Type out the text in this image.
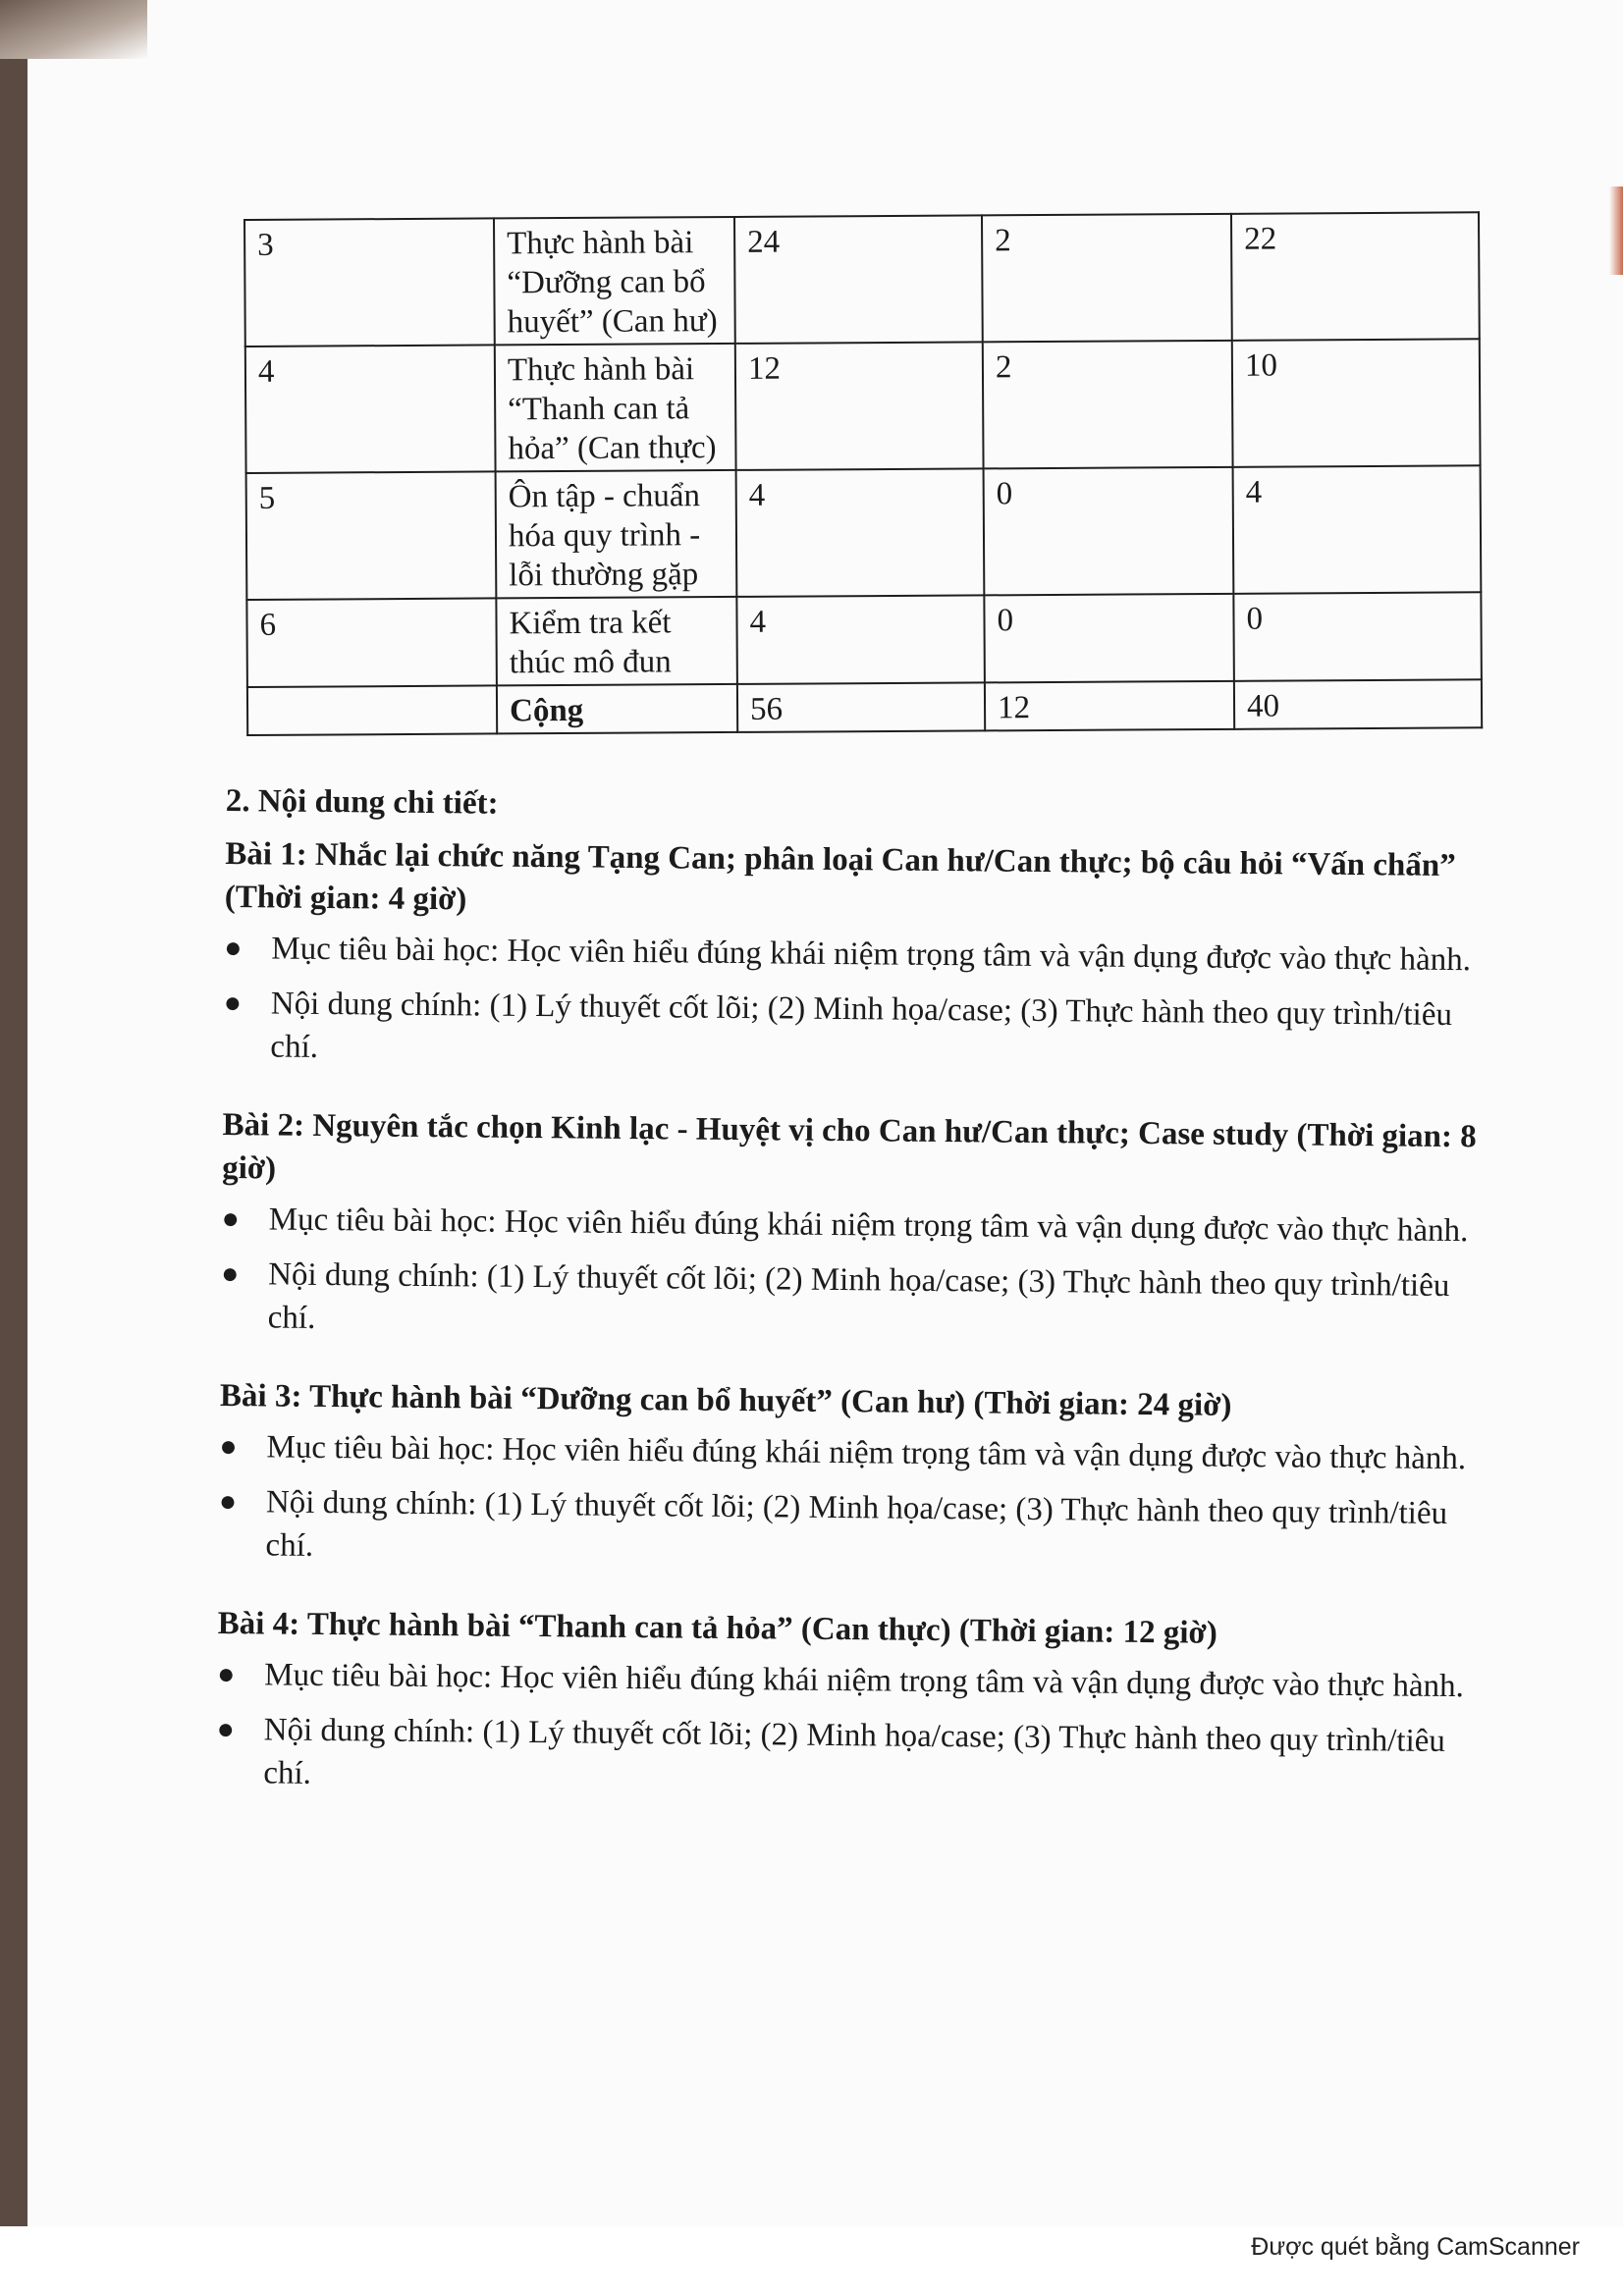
3	Thực hành bài “Dưỡng can bổ huyết” (Can hư)	24	2	22
4	Thực hành bài “Thanh can tả hỏa” (Can thực)	12	2	10
5	Ôn tập - chuẩn hóa quy trình - lỗi thường gặp	4	0	4
6	Kiểm tra kết thúc mô đun	4	0	0
	Cộng	56	12	40
2. Nội dung chi tiết:
Bài 1: Nhắc lại chức năng Tạng Can; phân loại Can hư/Can thực; bộ câu hỏi “Vấn chẩn” (Thời gian: 4 giờ)
● Mục tiêu bài học: Học viên hiểu đúng khái niệm trọng tâm và vận dụng được vào thực hành.
● Nội dung chính: (1) Lý thuyết cốt lõi; (2) Minh họa/case; (3) Thực hành theo quy trình/tiêu chí.
Bài 2: Nguyên tắc chọn Kinh lạc - Huyệt vị cho Can hư/Can thực; Case study (Thời gian: 8 giờ)
● Mục tiêu bài học: Học viên hiểu đúng khái niệm trọng tâm và vận dụng được vào thực hành.
● Nội dung chính: (1) Lý thuyết cốt lõi; (2) Minh họa/case; (3) Thực hành theo quy trình/tiêu chí.
Bài 3: Thực hành bài “Dưỡng can bổ huyết” (Can hư) (Thời gian: 24 giờ)
● Mục tiêu bài học: Học viên hiểu đúng khái niệm trọng tâm và vận dụng được vào thực hành.
● Nội dung chính: (1) Lý thuyết cốt lõi; (2) Minh họa/case; (3) Thực hành theo quy trình/tiêu chí.
Bài 4: Thực hành bài “Thanh can tả hỏa” (Can thực) (Thời gian: 12 giờ)
● Mục tiêu bài học: Học viên hiểu đúng khái niệm trọng tâm và vận dụng được vào thực hành.
● Nội dung chính: (1) Lý thuyết cốt lõi; (2) Minh họa/case; (3) Thực hành theo quy trình/tiêu chí.
Được quét bằng CamScanner
